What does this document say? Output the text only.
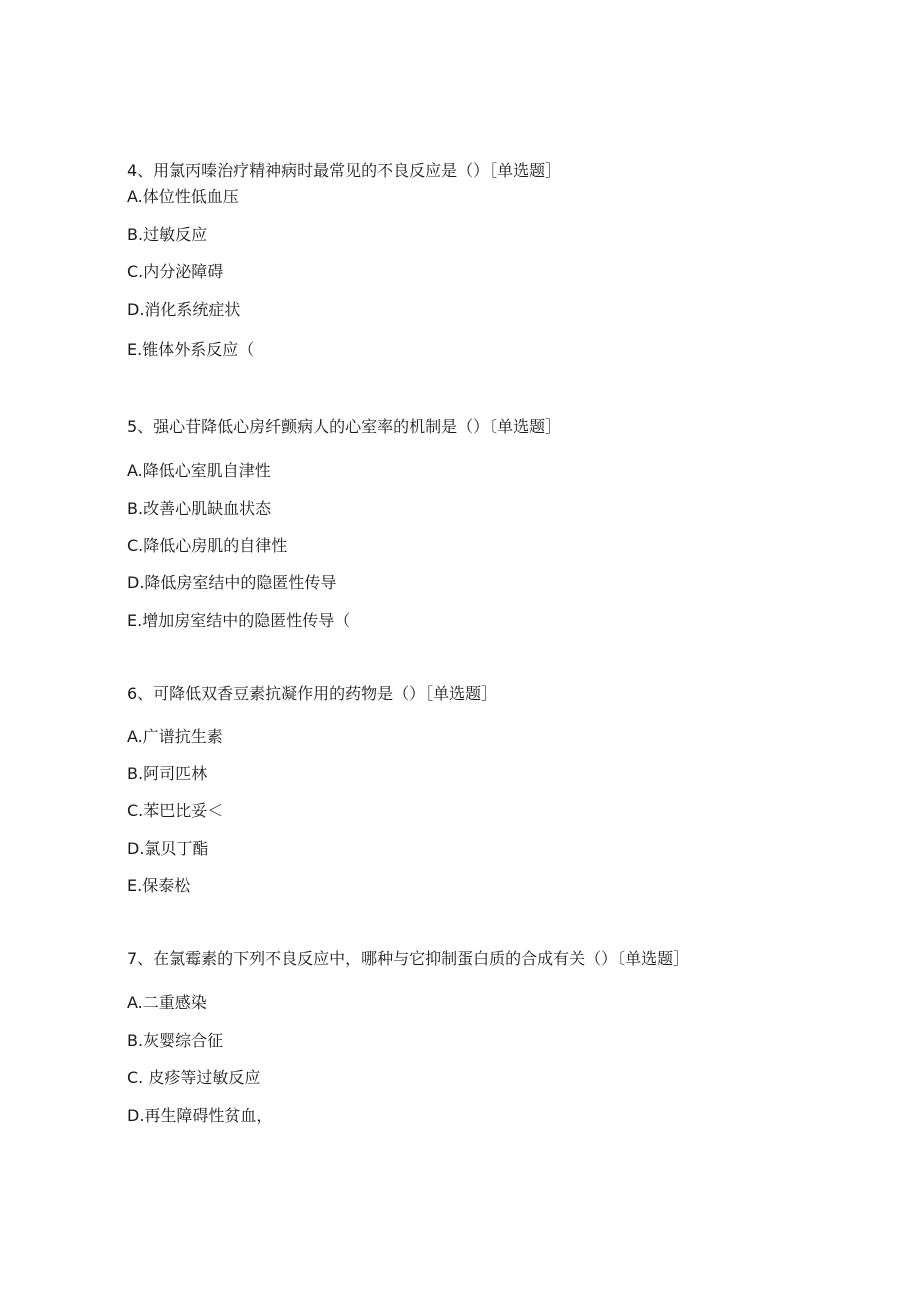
4、用氯丙嗪治疗精神病时最常见的不良反应是（）［单选题］
A.体位性低血压
B.过敏反应
C.内分泌障碍
D.消化系统症状
E.锥体外系反应（
5、强心苷降低心房纤颤病人的心室率的机制是（）〔单选题］
A.降低心室肌自津性
B.改善心肌缺血状态
C.降低心房肌的自律性
D.降低房室结中的隐匿性传导
E.增加房室结中的隐匿性传导（
6、可降低双香豆素抗凝作用的药物是（）［单选题］
A.广谱抗生素
B.阿司匹林
C.苯巴比妥＜
D.氯贝丁酯
E.保泰松
7、在氯霉素的下列不良反应中，哪种与它抑制蛋白质的合成有关（）〔单选题］
A.二重感染
B.灰婴综合征
C. 皮疹等过敏反应
D.再生障碍性贫血，
